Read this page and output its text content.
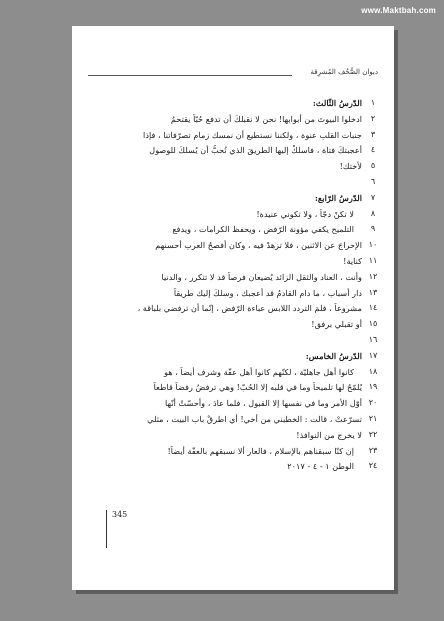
www.Maktbah.com
ديوان الصُّحُف المُشرِقة
١
الدّرسُ الثّالث:
٢
ادخلوا البيوتَ من أبوابِها! نحن لا نقبلكَ أن تدفع حُبّاً يقتحمُ
٣
جنبات القلبِ عنوة ، ولكننا نستطيع أن نمسك زمام تصرّفاتنا ، فإذا
٤
أعجبتكَ فتاة ، فاسلكْ إليها الطريقَ الذي تُحبُّ أن يُسلكَ للوصولِ
٥
لأختك!
٦
٧
الدّرسُ الرّابع:
٨
لا تكنْ دجّاً ، ولا تكوني عنيدة!
٩
التلميح يكفي مؤونة الرّفض ، ويحفظ الكرامات ، ويدفع
١٠
الإحراجَ عن الاثنين ، فلا تزهدْ فيه ، وكان أفصحُ العربِ أحسنهم
١١
كناية!
١٢
وأنت ، العناد والثقل الزائد يُضيعان فرصاً قد لا تتكرر ، والدنيا
١٣
دار أسباب ، ما دام القادمُ قد أعجبك ، وسلكَ إليك طريقاً
١٤
مشروعاً ، فلمَ التردد اللابس عباءة الرّفض ، إنّما أن ترفضي بلباقة ،
١٥
أو تقبلي برفق!
١٦
١٧
الدّرسُ الخامس:
١٨
كانوا أهل جاهليّة ، لكنّهم كانوا أهل عفّة وشرف أيضاً ، هو
١٩
يُلمّحُ لها تلميحاً وما في قلبه إلا الحُبّ! وهي ترفضُ رفضاً قاطعاً
٢٠
أوّل الأمر وما في نفسها إلا القبول ، فلما عادَ ، وأحسّتْ أنّها
٢١
تسرّعتْ ، قالت : الخطبني من أخي! أي اطرقْ باب البيت ، مثلي
٢٢
لا يخرج من النوافذ!
٢٣
إن كنّا سبقناهم بالإسلام ، فالعار ألا نسبقهم بالعفّة أيضاً!
٢٤
الوطن ١ - ٤ - ٢٠١٧
345
